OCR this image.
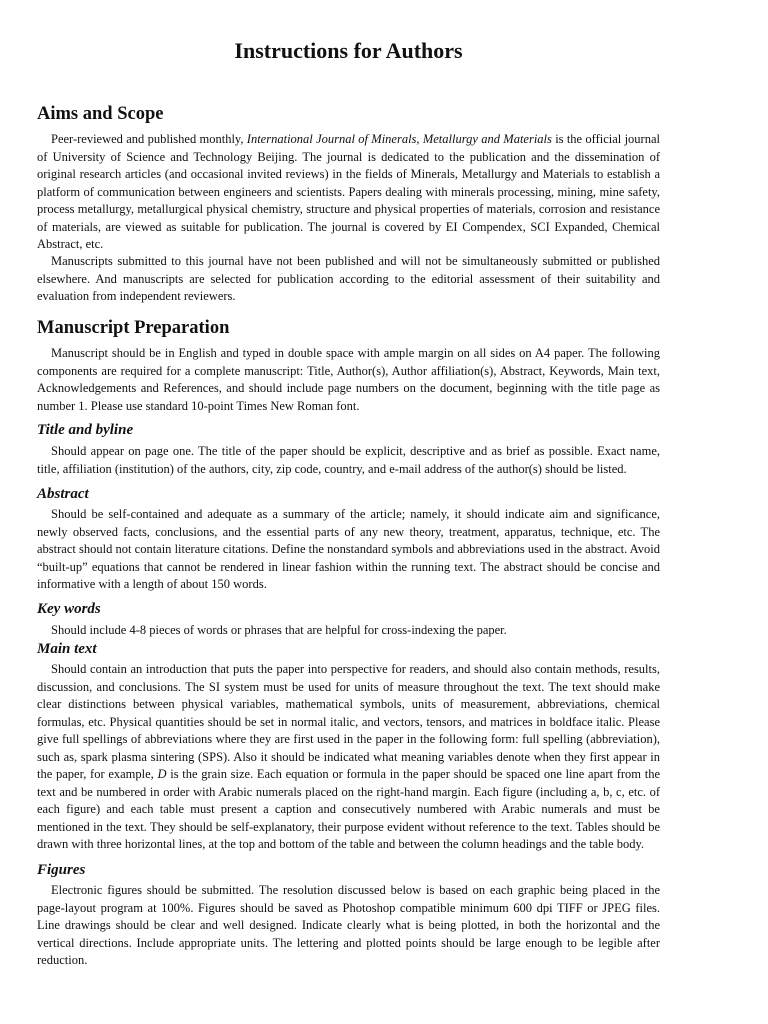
Instructions for Authors
Aims and Scope

Peer-reviewed and published monthly, International Journal of Minerals, Metallurgy and Materials is the official journal of University of Science and Technology Beijing. The journal is dedicated to the publication and the dissemination of original research articles (and occasional invited reviews) in the fields of Minerals, Metallurgy and Materials to establish a platform of communication between engineers and scientists. Papers dealing with minerals processing, mining, mine safety, process metallurgy, metallurgical physical chemistry, structure and physical properties of materials, corrosion and resistance of materials, are viewed as suitable for publication. The journal is covered by EI Compendex, SCI Expanded, Chemical Abstract, etc.

Manuscripts submitted to this journal have not been published and will not be simultaneously submitted or published elsewhere. And manuscripts are selected for publication according to the editorial assessment of their suitability and evaluation from independent reviewers.

Manuscript Preparation

Manuscript should be in English and typed in double space with ample margin on all sides on A4 paper. The following components are required for a complete manuscript: Title, Author(s), Author affiliation(s), Abstract, Keywords, Main text, Acknowledgements and References, and should include page numbers on the document, beginning with the title page as number 1. Please use standard 10-point Times New Roman font.

Title and byline

Should appear on page one. The title of the paper should be explicit, descriptive and as brief as possible. Exact name, title, affiliation (institution) of the authors, city, zip code, country, and e-mail address of the author(s) should be listed.

Abstract

Should be self-contained and adequate as a summary of the article; namely, it should indicate aim and significance, newly observed facts, conclusions, and the essential parts of any new theory, treatment, apparatus, technique, etc. The abstract should not contain literature citations. Define the nonstandard symbols and abbreviations used in the abstract. Avoid “built-up” equations that cannot be rendered in linear fashion within the running text. The abstract should be concise and informative with a length of about 150 words.

Key words

Should include 4-8 pieces of words or phrases that are helpful for cross-indexing the paper.

Main text

Should contain an introduction that puts the paper into perspective for readers, and should also contain methods, results, discussion, and conclusions. The SI system must be used for units of measure throughout the text. The text should make clear distinctions between physical variables, mathematical symbols, units of measurement, abbreviations, chemical formulas, etc. Physical quantities should be set in normal italic, and vectors, tensors, and matrices in boldface italic. Please give full spellings of abbreviations where they are first used in the paper in the following form: full spelling (abbreviation), such as, spark plasma sintering (SPS). Also it should be indicated what meaning variables denote when they first appear in the paper, for example, D is the grain size. Each equation or formula in the paper should be spaced one line apart from the text and be numbered in order with Arabic numerals placed on the right-hand margin. Each figure (including a, b, c, etc. of each figure) and each table must present a caption and consecutively numbered with Arabic numerals and must be mentioned in the text. They should be self-explanatory, their purpose evident without reference to the text. Tables should be drawn with three horizontal lines, at the top and bottom of the table and between the column headings and the table body.

Figures

Electronic figures should be submitted. The resolution discussed below is based on each graphic being placed in the page-layout program at 100%. Figures should be saved as Photoshop compatible minimum 600 dpi TIFF or JPEG files. Line drawings should be clear and well designed. Indicate clearly what is being plotted, in both the horizontal and the vertical directions. Include appropriate units. The lettering and plotted points should be large enough to be legible after reduction.
